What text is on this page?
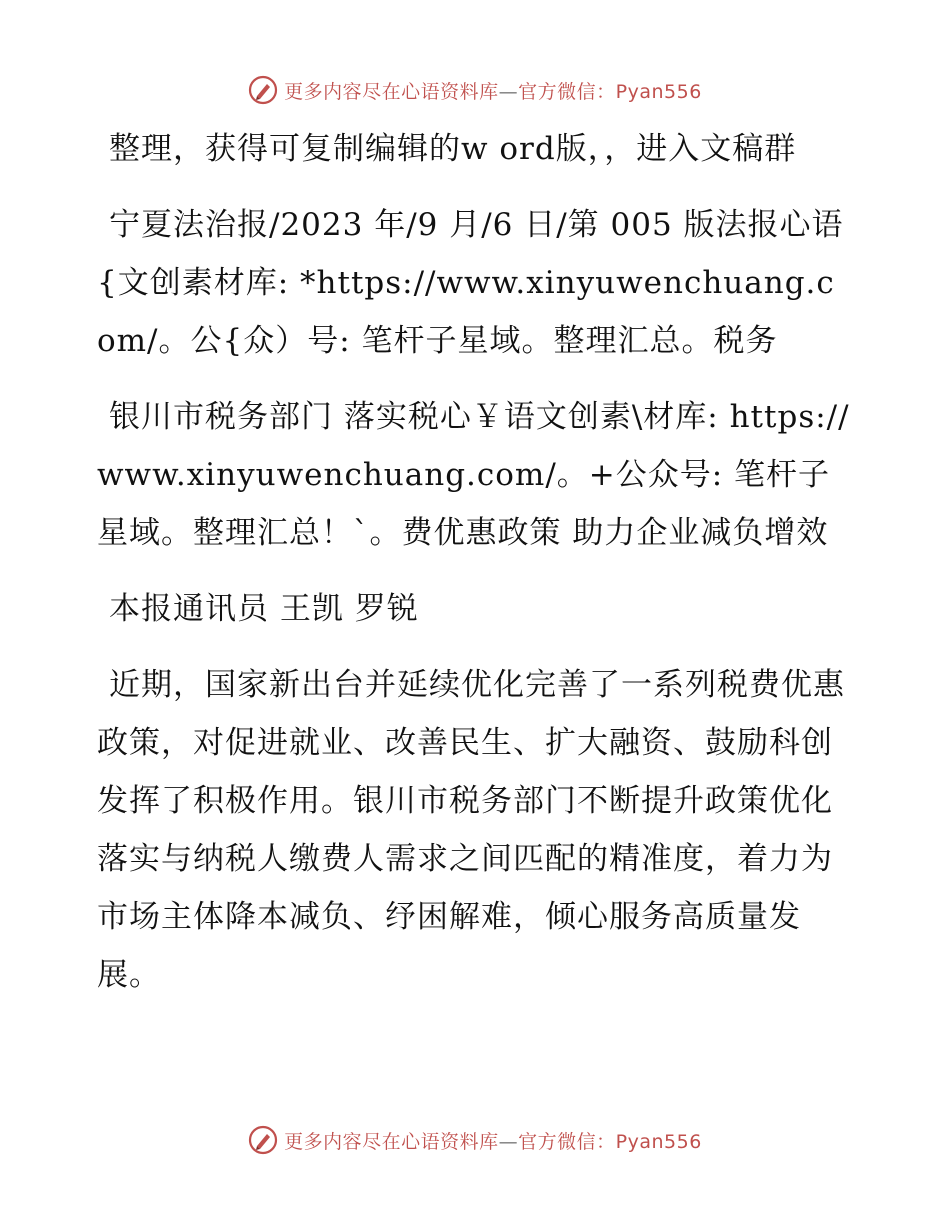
更多内容尽在心语资料库—官方微信：Pyan556

整理，获得可复制编辑的w ord版，，进入文稿群

宁夏法治报/2023 年/9 月/6 日/第 005 版法报心语{文创素材库: *https://www.xinyuwenchuang.com/。公{众）号: 笔杆子星域。整理汇总。税务

银川市税务部门 落实税心￥语文创素\材库: https://www.xinyuwenchuang.com/。+公众号: 笔杆子星域。整理汇总！`。费优惠政策 助力企业减负增效

本报通讯员 王凯 罗锐

近期，国家新出台并延续优化完善了一系列税费优惠政策，对促进就业、改善民生、扩大融资、鼓励科创发挥了积极作用。银川市税务部门不断提升政策优化落实与纳税人缴费人需求之间匹配的精准度，着力为市场主体降本减负、纾困解难，倾心服务高质量发展。

更多内容尽在心语资料库—官方微信：Pyan556
